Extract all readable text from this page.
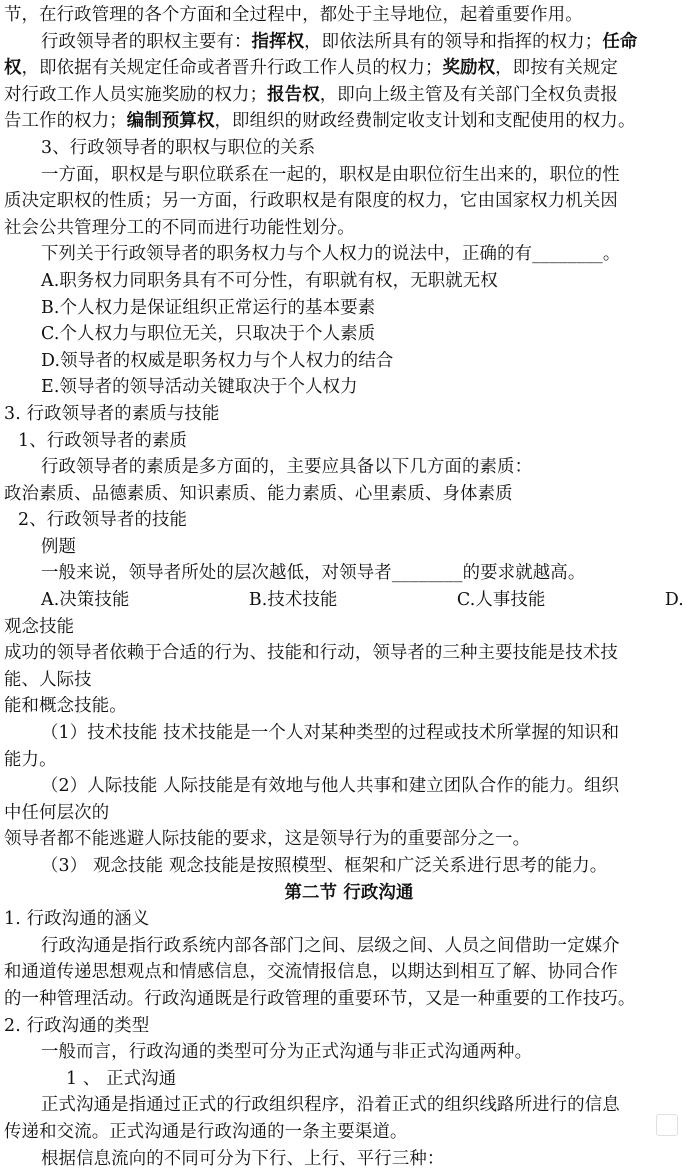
节，在行政管理的各个方面和全过程中，都处于主导地位，起着重要作用。
行政领导者的职权主要有：指挥权，即依法所具有的领导和指挥的权力；任命
权，即依据有关规定任命或者晋升行政工作人员的权力；奖励权，即按有关规定
对行政工作人员实施奖励的权力；报告权，即向上级主管及有关部门全权负责报
告工作的权力；编制预算权，即组织的财政经费制定收支计划和支配使用的权力。
3、行政领导者的职权与职位的关系
一方面，职权是与职位联系在一起的，职权是由职位衍生出来的，职位的性
质决定职权的性质；另一方面，行政职权是有限度的权力，它由国家权力机关因
社会公共管理分工的不同而进行功能性划分。
下列关于行政领导者的职务权力与个人权力的说法中，正确的有________。
A.职务权力同职务具有不可分性，有职就有权，无职就无权
B.个人权力是保证组织正常运行的基本要素
C.个人权力与职位无关，只取决于个人素质
D.领导者的权威是职务权力与个人权力的结合
E.领导者的领导活动关键取决于个人权力
3. 行政领导者的素质与技能
1、行政领导者的素质
行政领导者的素质是多方面的，主要应具备以下几方面的素质：
政治素质、品德素质、知识素质、能力素质、心里素质、身体素质
2、行政领导者的技能
例题
一般来说，领导者所处的层次越低，对领导者________的要求就越高。
A.决策技能	B.技术技能	C.人事技能	D.
观念技能
成功的领导者依赖于合适的行为、技能和行动，领导者的三种主要技能是技术技
能、人际技
能和概念技能。
（1）技术技能 技术技能是一个人对某种类型的过程或技术所掌握的知识和
能力。
（2）人际技能 人际技能是有效地与他人共事和建立团队合作的能力。组织
中任何层次的
领导者都不能逃避人际技能的要求，这是领导行为的重要部分之一。
（3） 观念技能 观念技能是按照模型、框架和广泛关系进行思考的能力。
第二节 行政沟通
1. 行政沟通的涵义
行政沟通是指行政系统内部各部门之间、层级之间、人员之间借助一定媒介
和通道传递思想观点和情感信息，交流情报信息，以期达到相互了解、协同合作
的一种管理活动。行政沟通既是行政管理的重要环节，又是一种重要的工作技巧。
2. 行政沟通的类型
一般而言，行政沟通的类型可分为正式沟通与非正式沟通两种。
1 、 正式沟通
正式沟通是指通过正式的行政组织程序，沿着正式的组织线路所进行的信息
传递和交流。正式沟通是行政沟通的一条主要渠道。
根据信息流向的不同可分为下行、上行、平行三种：
